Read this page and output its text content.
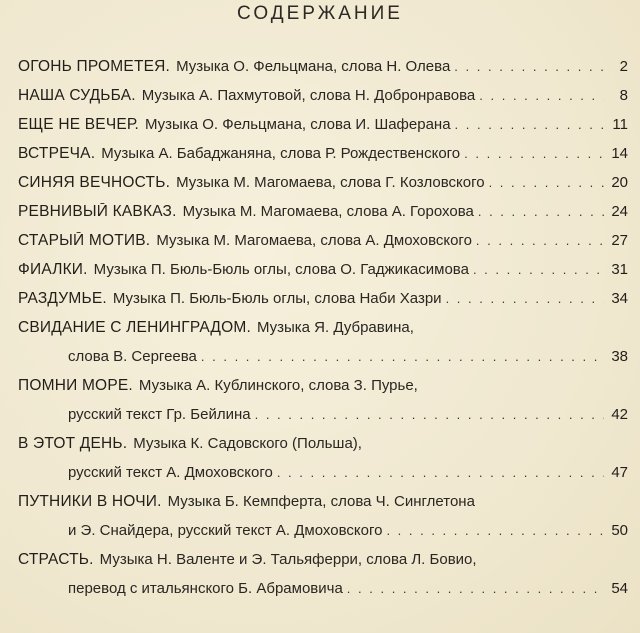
СОДЕРЖАНИЕ
ОГОНЬ ПРОМЕТЕЯ. Музыка О. Фельцмана, слова Н. Олева . . .	2
НАША СУДЬБА. Музыка А. Пахмутовой, слова Н. Добронравова . . .	8
ЕЩЕ НЕ ВЕЧЕР. Музыка О. Фельцмана, слова И. Шаферана . . .	11
ВСТРЕЧА. Музыка А. Бабаджаняна, слова Р. Рождественского . . .	14
СИНЯЯ ВЕЧНОСТЬ. Музыка М. Магомаева, слова Г. Козловского . . .	20
РЕВНИВЫЙ КАВКАЗ. Музыка М. Магомаева, слова А. Горохова . . .	24
СТАРЫЙ МОТИВ. Музыка М. Магомаева, слова А. Дмоховского . . .	27
ФИАЛКИ. Музыка П. Бюль-Бюль оглы, слова О. Гаджикасимова . . .	31
РАЗДУМЬЕ. Музыка П. Бюль-Бюль оглы, слова Наби Хазри . . .	34
СВИДАНИЕ С ЛЕНИНГРАДОМ. Музыка Я. Дубравина,
слова В. Сергеева . . .	38
ПОМНИ МОРЕ. Музыка А. Кублинского, слова З. Пурье,
русский текст Гр. Бейлина . . .	42
В ЭТОТ ДЕНЬ. Музыка К. Садовского (Польша),
русский текст А. Дмоховского . . .	47
ПУТНИКИ В НОЧИ. Музыка Б. Кемпферта, слова Ч. Синглетона
и Э. Снайдера, русский текст А. Дмоховского . . .	50
СТРАСТЬ. Музыка Н. Валенте и Э. Тальяферри, слова Л. Бовио,
перевод с итальянского Б. Абрамовича . . .	54
